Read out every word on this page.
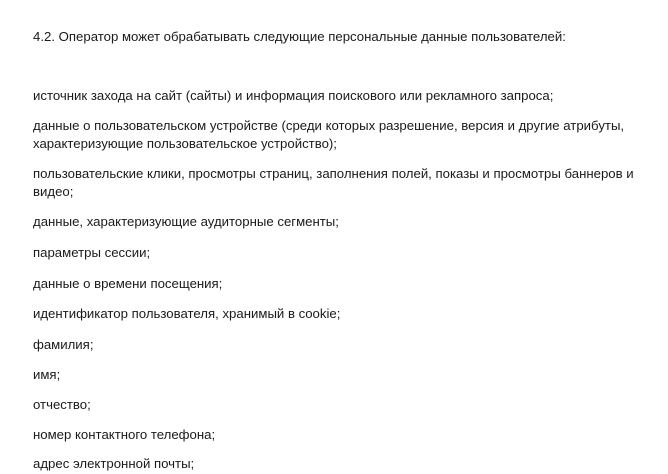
4.2. Оператор может обрабатывать следующие персональные данные пользователей:
источник захода на сайт (сайты) и информация поискового или рекламного запроса;
данные о пользовательском устройстве (среди которых разрешение, версия и другие атрибуты, характеризующие пользовательское устройство);
пользовательские клики, просмотры страниц, заполнения полей, показы и просмотры баннеров и видео;
данные, характеризующие аудиторные сегменты;
параметры сессии;
данные о времени посещения;
идентификатор пользователя, хранимый в cookie;
фамилия;
имя;
отчество;
номер контактного телефона;
адрес электронной почты;
